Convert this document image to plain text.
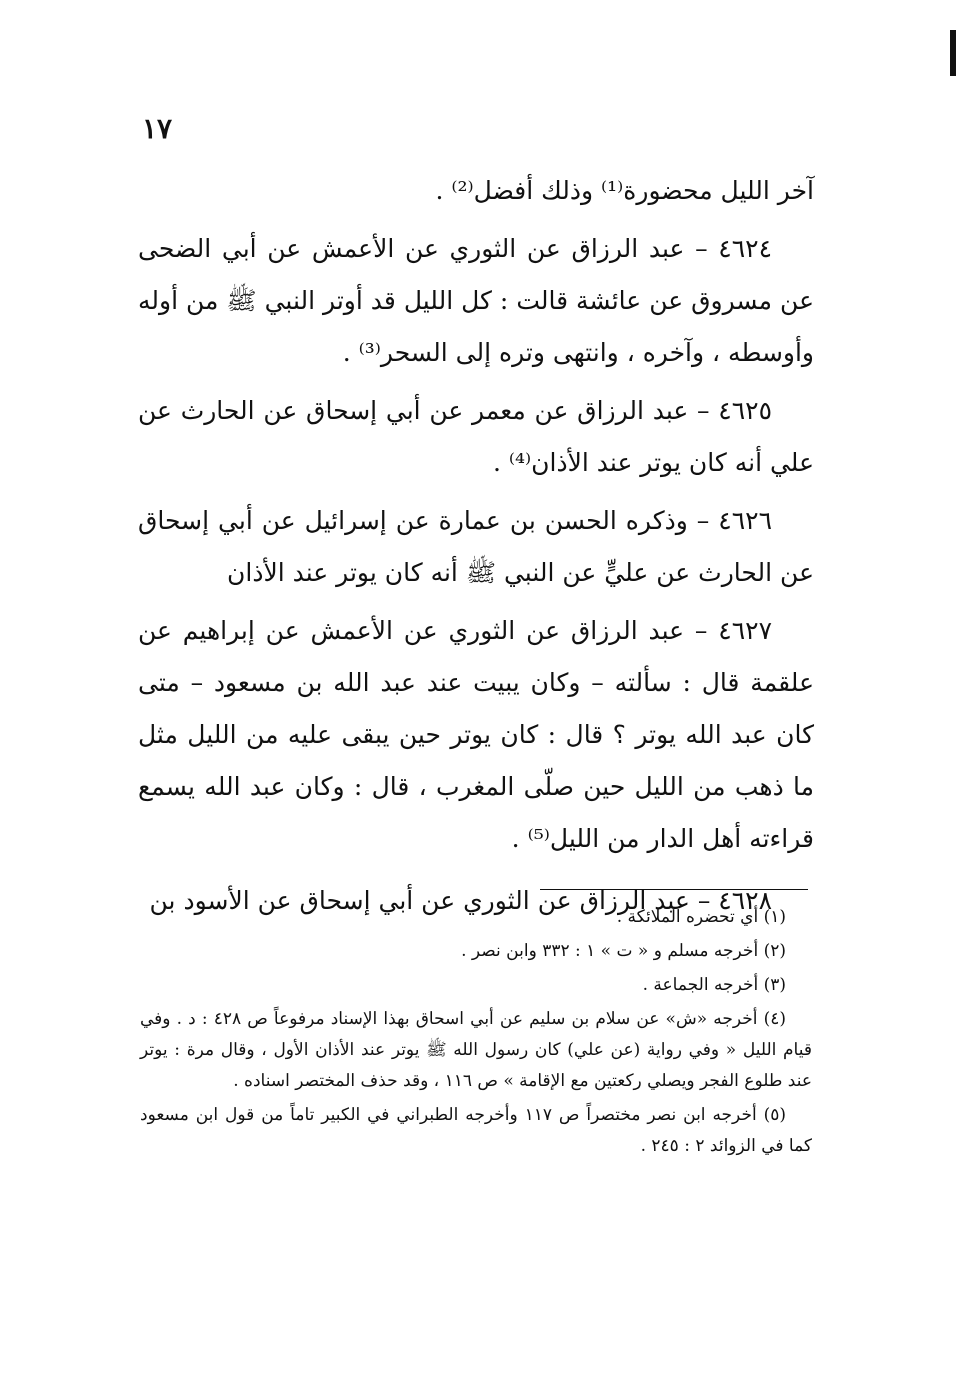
١٧

آخر الليل محضورة⁽¹⁾ وذلك أفضل⁽²⁾ .

٤٦٢٤ – عبد الرزاق عن الثوري عن الأعمش عن أبي الضحى عن مسروق عن عائشة قالت : كل الليل قد أوتر النبي ﷺ من أوله وأوسطه ، وآخره ، وانتهى وتره إلى السحر⁽³⁾ .

٤٦٢٥ – عبد الرزاق عن معمر عن أبي إسحاق عن الحارث عن علي أنه كان يوتر عند الأذان⁽⁴⁾ .

٤٦٢٦ – وذكره الحسن بن عمارة عن إسرائيل عن أبي إسحاق عن الحارث عن عليٍّ عن النبي ﷺ أنه كان يوتر عند الأذان

٤٦٢٧ – عبد الرزاق عن الثوري عن الأعمش عن إبراهيم عن علقمة قال : سألته – وكان يبيت عند عبد الله بن مسعود – متى كان عبد الله يوتر ؟ قال : كان يوتر حين يبقى عليه من الليل مثل ما ذهب من الليل حين صلّى المغرب ، قال : وكان عبد الله يسمع قراءته أهل الدار من الليل⁽⁵⁾ .

٤٦٢٨ – عبد الرزاق عن الثوري عن أبي إسحاق عن الأسود بن

(١) أي تحضره الملائكة .

(٢) أخرجه مسلم و « ت » ١ : ٣٣٢ وابن نصر .

(٣) أخرجه الجماعة .

(٤) أخرجه «ش» عن سلام بن سليم عن أبي اسحاق بهذا الإسناد مرفوعاً ص ٤٢٨ : د . وفي قيام الليل « وفي رواية (عن علي) كان رسول الله ﷺ يوتر عند الأذان الأول ، وقال مرة : يوتر عند طلوع الفجر ويصلي ركعتين مع الإقامة » ص ١١٦ ، وقد حذف المختصر اسناده .

(٥) أخرجه ابن نصر مختصراً ص ١١٧ وأخرجه الطبراني في الكبير تاماً من قول ابن مسعود كما في الزوائد ٢ : ٢٤٥ .
